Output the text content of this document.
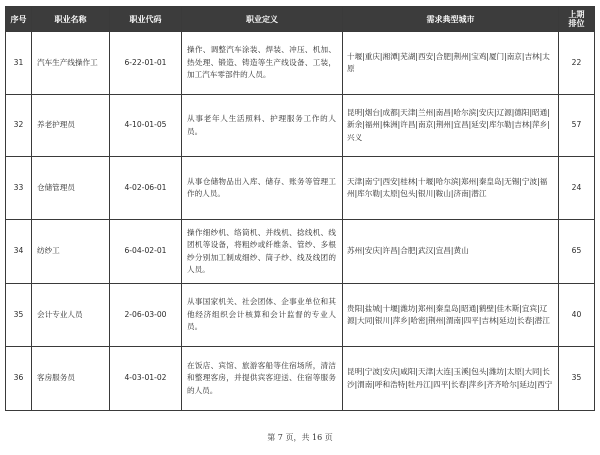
序号	职业名称	职业代码	职业定义	需求典型城市	上期
排位
31	汽车生产线操作工	6-22-01-01	操作、调整汽车涂装、焊装、冲压、机加、热处理、锻造、铸造等生产线设备、工装，加工汽车零部件的人员。	十堰|重庆|湘潭|芜湖|西安|合肥|荆州|宝鸡|厦门|南京|吉林|太原	22
32	养老护理员	4-10-01-05	从事老年人生活照料、护理服务工作的人员。	昆明|烟台|成都|天津|兰州|南昌|哈尔滨|安庆|辽源|德阳|昭通|新余|福州|株洲|许昌|南京|荆州|宜昌|延安|库尔勒|吉林|萍乡|兴义	57
33	仓储管理员	4-02-06-01	从事仓储物品出入库、储存、账务等管理工作的人员。	天津|南宁|西安|桂林|十堰|哈尔滨|郑州|秦皇岛|无锡|宁波|福州|库尔勒|太原|包头|银川|鞍山|济南|潜江	24
34	纺纱工	6-04-02-01	操作细纱机、络筒机、并线机、捻线机、线团机等设备，将粗纱或纤维条、管纱、多根纱分别加工制成细纱、筒子纱、线及线团的人员。	苏州|安庆|许昌|合肥|武汉|宜昌|黄山	65
35	会计专业人员	2-06-03-00	从事国家机关、社会团体、企事业单位和其他经济组织会计核算和会计监督的专业人员。	贵阳|盐城|十堰|潍坊|郑州|秦皇岛|昭通|鹤壁|佳木斯|宜宾|辽源|大同|银川|萍乡|哈密|荆州|渭南|四平|吉林|延边|长春|潜江	40
36	客房服务员	4-03-01-02	在饭店、宾馆、旅游客船等住宿场所，清洁和整理客房，并提供宾客迎送、住宿等服务的人员。	昆明|宁波|安庆|咸阳|天津|大连|玉溪|包头|潍坊|太原|大同|长沙|渭南|呼和浩特|牡丹江|四平|长春|萍乡|齐齐哈尔|延边|西宁	35
第 7 页，共 16 页
